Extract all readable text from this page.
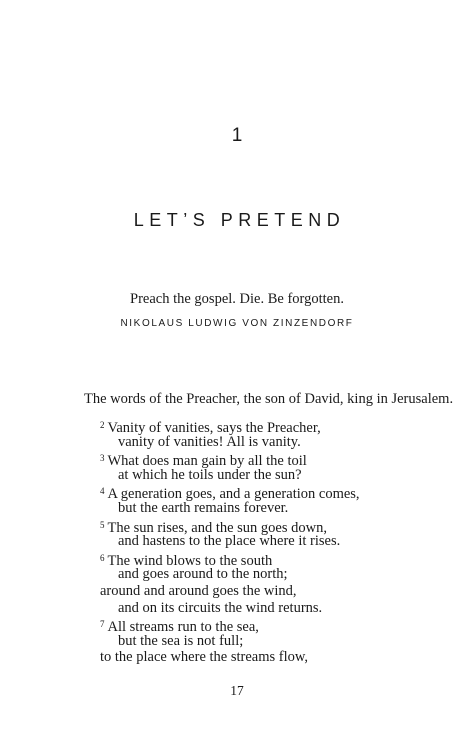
1
LET’S PRETEND
Preach the gospel. Die. Be forgotten.
NIKOLAUS LUDWIG VON ZINZENDORF
The words of the Preacher, the son of David, king in Jerusalem.
$^2$ Vanity of vanities, says the Preacher,
vanity of vanities! All is vanity.
$^3$ What does man gain by all the toil
at which he toils under the sun?
$^4$ A generation goes, and a generation comes,
but the earth remains forever.
$^5$ The sun rises, and the sun goes down,
and hastens to the place where it rises.
$^6$ The wind blows to the south
and goes around to the north;
around and around goes the wind,
and on its circuits the wind returns.
$^7$ All streams run to the sea,
but the sea is not full;
to the place where the streams flow,
17
